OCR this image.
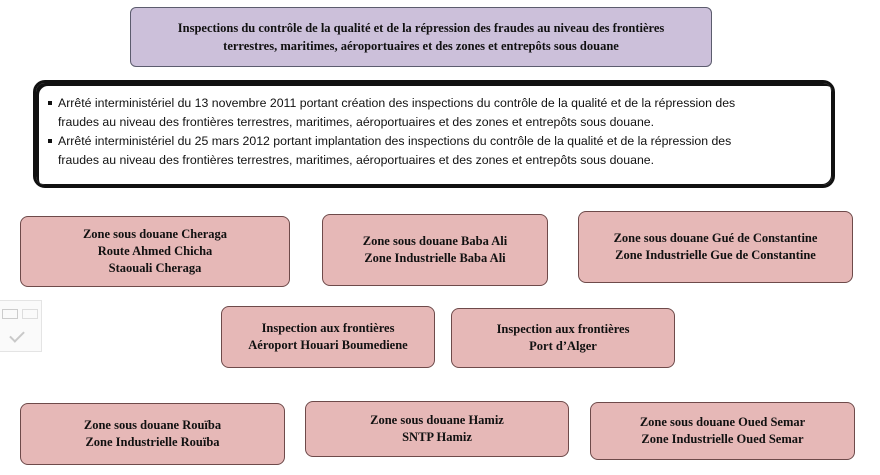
Inspections du contrôle de la qualité et de la répression des fraudes au niveau des frontières
terrestres, maritimes, aéroportuaires et des zones et entrepôts sous douane
Arrêté interministériel du 13 novembre 2011 portant création des inspections du contrôle de la qualité et de la répression des
fraudes au niveau des frontières terrestres, maritimes, aéroportuaires et des zones et entrepôts sous douane.
Arrêté interministériel du 25 mars 2012 portant implantation des inspections du contrôle de la qualité et de la répression des
fraudes au niveau des frontières terrestres, maritimes, aéroportuaires et des zones et entrepôts sous douane.
Zone sous douane Cheraga
Route Ahmed Chicha
Staouali Cheraga
Zone sous douane Baba Ali
Zone Industrielle Baba Ali
Zone sous douane Gué de Constantine
Zone Industrielle Gue de Constantine
Inspection aux frontières
Aéroport Houari Boumediene
Inspection aux frontières
Port d’Alger
Zone sous douane Rouïba
Zone Industrielle Rouïba
Zone sous douane Hamiz
SNTP Hamiz
Zone sous douane Oued Semar
Zone Industrielle Oued Semar
